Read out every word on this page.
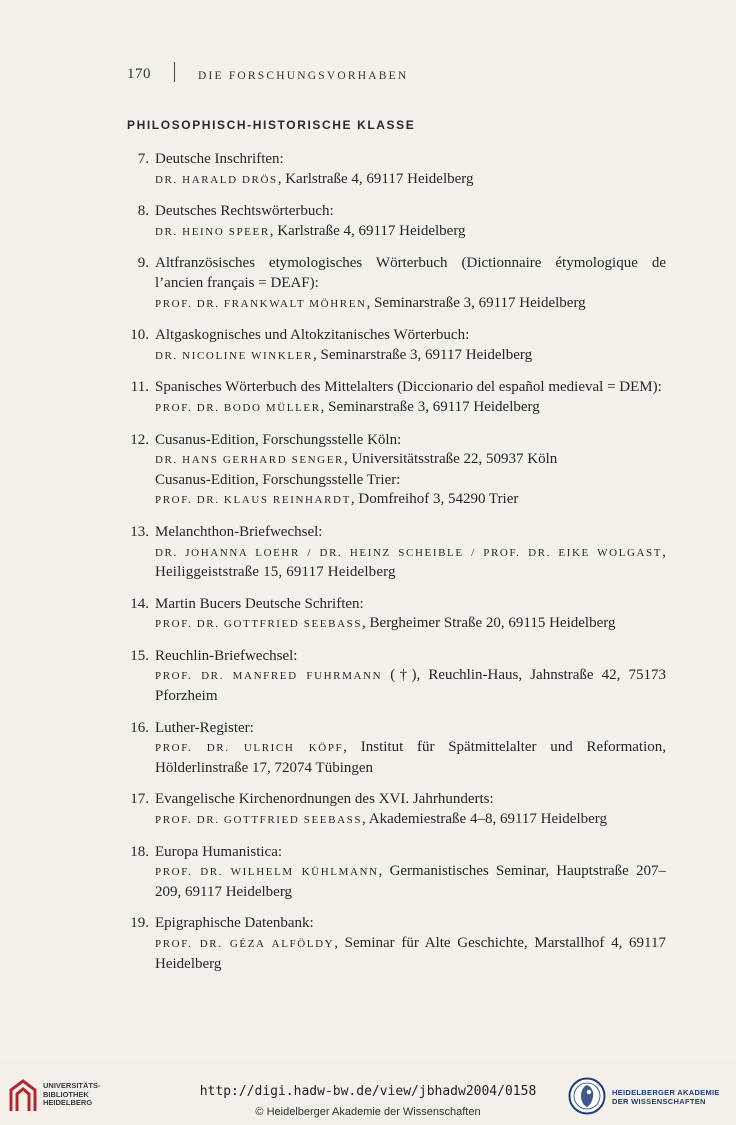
170	DIE FORSCHUNGSVORHABEN
PHILOSOPHISCH-HISTORISCHE KLASSE
7. Deutsche Inschriften:
DR. HARALD DRÖS, Karlstraße 4, 69117 Heidelberg
8. Deutsches Rechtswörterbuch:
DR. HEINO SPEER, Karlstraße 4, 69117 Heidelberg
9. Altfranzösisches etymologisches Wörterbuch (Dictionnaire étymologique de l’ancien français = DEAF):
PROF. DR. FRANKWALT MÖHREN, Seminarstraße 3, 69117 Heidelberg
10. Altgaskognisches und Altokzitanisches Wörterbuch:
DR. NICOLINE WINKLER, Seminarstraße 3, 69117 Heidelberg
11. Spanisches Wörterbuch des Mittelalters (Diccionario del español medieval = DEM):
PROF. DR. BODO MÜLLER, Seminarstraße 3, 69117 Heidelberg
12. Cusanus-Edition, Forschungsstelle Köln:
DR. HANS GERHARD SENGER, Universitätsstraße 22, 50937 Köln
Cusanus-Edition, Forschungsstelle Trier:
PROF. DR. KLAUS REINHARDT, Domfreihof 3, 54290 Trier
13. Melanchthon-Briefwechsel:
DR. JOHANNA LOEHR / DR. HEINZ SCHEIBLE / PROF. DR. EIKE WOLGAST, Heiliggeiststraße 15, 69117 Heidelberg
14. Martin Bucers Deutsche Schriften:
PROF. DR. GOTTFRIED SEEBASS, Bergheimer Straße 20, 69115 Heidelberg
15. Reuchlin-Briefwechsel:
PROF. DR. MANFRED FUHRMANN (†), Reuchlin-Haus, Jahnstraße 42, 75173 Pforzheim
16. Luther-Register:
PROF. DR. ULRICH KÖPF, Institut für Spätmittelalter und Reformation, Hölderlinstraße 17, 72074 Tübingen
17. Evangelische Kirchenordnungen des XVI. Jahrhunderts:
PROF. DR. GOTTFRIED SEEBASS, Akademiestraße 4–8, 69117 Heidelberg
18. Europa Humanistica:
PROF. DR. WILHELM KÜHLMANN, Germanistisches Seminar, Hauptstraße 207–209, 69117 Heidelberg
19. Epigraphische Datenbank:
PROF. DR. GÉZA ALFÖLDY, Seminar für Alte Geschichte, Marstallhof 4, 69117 Heidelberg
UNIVERSITÄTS-
BIBLIOTHEK
HEIDELBERG
http://digi.hadw-bw.de/view/jbhadw2004/0158
© Heidelberger Akademie der Wissenschaften
HEIDELBERGER AKADEMIE
DER WISSENSCHAFTEN
